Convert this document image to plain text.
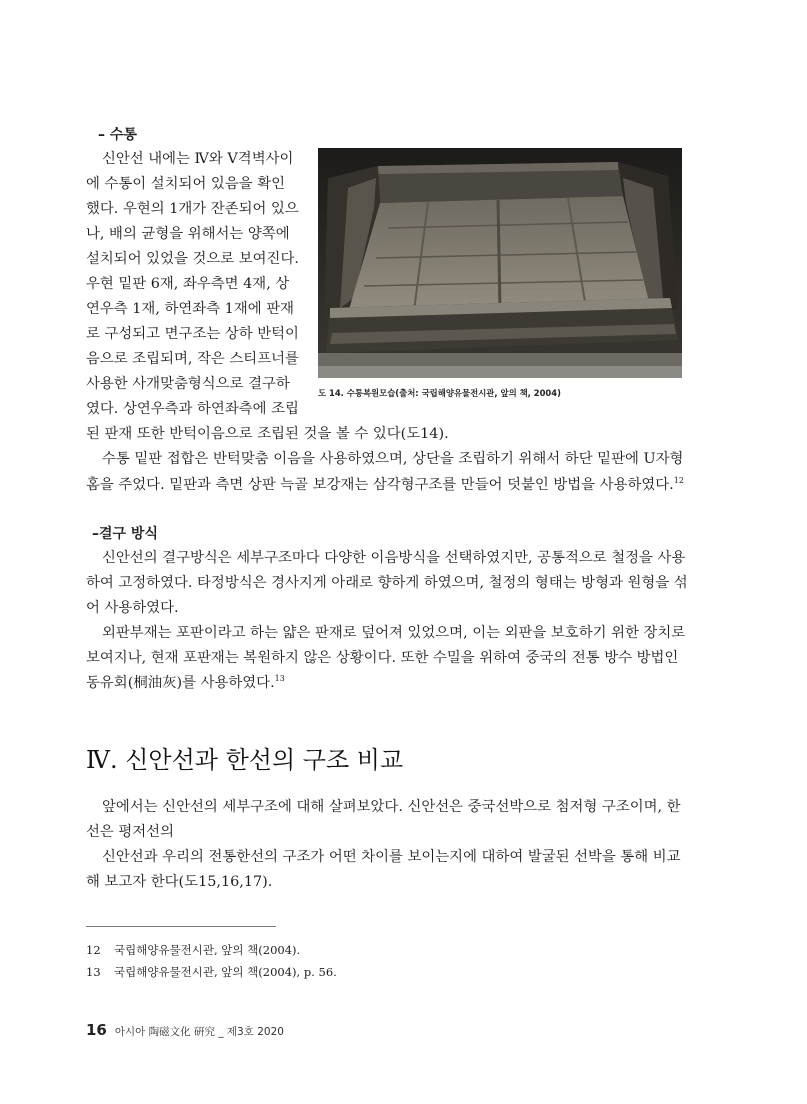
– 수통
신안선 내에는 Ⅳ와 Ⅴ격벽사이
에 수통이 설치되어 있음을 확인
했다. 우현의 1개가 잔존되어 있으
나, 배의 균형을 위해서는 양쪽에
설치되어 있었을 것으로 보여진다.
우현 밑판 6재, 좌우측면 4재, 상
연우측 1재, 하연좌측 1재에 판재
로 구성되고 면구조는 상하 반턱이
음으로 조립되며, 작은 스티프너를
사용한 사개맞춤형식으로 결구하
였다. 상연우측과 하연좌측에 조립
된 판재 또한 반턱이음으로 조립된 것을 볼 수 있다(도14).
수통 밑판 접합은 반턱맞춤 이음을 사용하였으며, 상단을 조립하기 위해서 하단 밑판에 U자형
홈을 주었다. 밑판과 측면 상판 늑골 보강재는 삼각형구조를 만들어 덧붙인 방법을 사용하였다.$^{12}$
도 14. 수통복원모습(출처: 국립해양유물전시관, 앞의 책, 2004)
–결구 방식
신안선의 결구방식은 세부구조마다 다양한 이음방식을 선택하였지만, 공통적으로 철정을 사용
하여 고정하였다. 타정방식은 경사지게 아래로 향하게 하였으며, 철정의 형태는 방형과 원형을 섞
어 사용하였다.
외판부재는 포판이라고 하는 얇은 판재로 덮어져 있었으며, 이는 외판을 보호하기 위한 장치로
보여지나, 현재 포판재는 복원하지 않은 상황이다. 또한 수밀을 위하여 중국의 전통 방수 방법인
동유회(桐油灰)를 사용하였다.$^{13}$
Ⅳ. 신안선과 한선의 구조 비교
앞에서는 신안선의 세부구조에 대해 살펴보았다. 신안선은 중국선박으로 첨저형 구조이며, 한
선은 평저선의
신안선과 우리의 전통한선의 구조가 어떤 차이를 보이는지에 대하여 발굴된 선박을 통해 비교
해 보고자 한다(도15,16,17).
12 국립해양유물전시관, 앞의 책(2004).
13 국립해양유물전시관, 앞의 책(2004), p. 56.
16 아시아 陶磁文化 硏究 _ 제3호 2020
